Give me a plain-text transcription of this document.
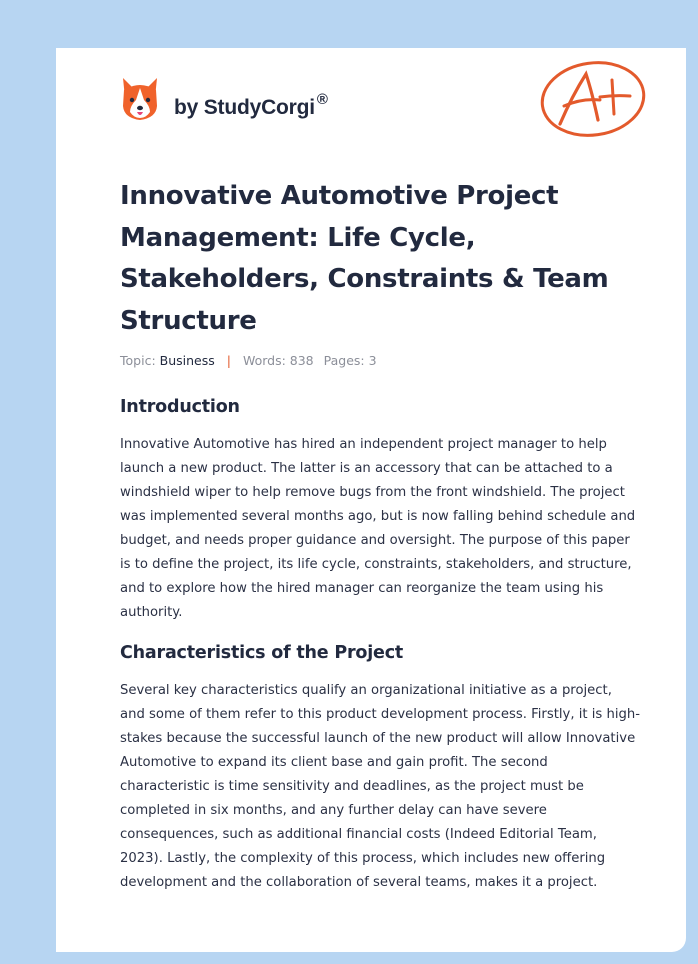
by StudyCorgi ®
Innovative Automotive Project Management: Life Cycle, Stakeholders, Constraints & Team Structure
Topic: Business | Words: 838 Pages: 3
Introduction

Innovative Automotive has hired an independent project manager to help launch a new product. The latter is an accessory that can be attached to a windshield wiper to help remove bugs from the front windshield. The project was implemented several months ago, but is now falling behind schedule and budget, and needs proper guidance and oversight. The purpose of this paper is to define the project, its life cycle, constraints, stakeholders, and structure, and to explore how the hired manager can reorganize the team using his authority.

Characteristics of the Project

Several key characteristics qualify an organizational initiative as a project, and some of them refer to this product development process. Firstly, it is high-stakes because the successful launch of the new product will allow Innovative Automotive to expand its client base and gain profit. The second characteristic is time sensitivity and deadlines, as the project must be completed in six months, and any further delay can have severe consequences, such as additional financial costs (Indeed Editorial Team, 2023). Lastly, the complexity of this process, which includes new offering development and the collaboration of several teams, makes it a project.
